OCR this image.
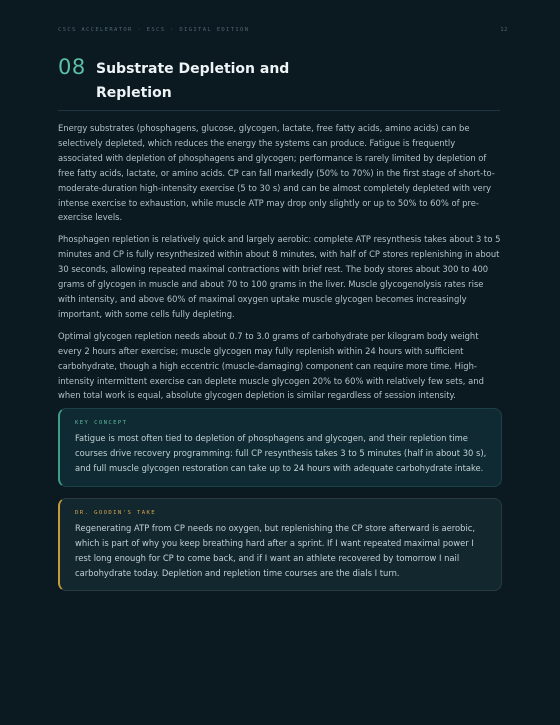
CSCS ACCELERATOR · ESCS · DIGITAL EDITION	12
08 Substrate Depletion and Repletion

Energy substrates (phosphagens, glucose, glycogen, lactate, free fatty acids, amino acids) can be selectively depleted, which reduces the energy the systems can produce. Fatigue is frequently associated with depletion of phosphagens and glycogen; performance is rarely limited by depletion of free fatty acids, lactate, or amino acids. CP can fall markedly (50% to 70%) in the first stage of short-to-moderate-duration high-intensity exercise (5 to 30 s) and can be almost completely depleted with very intense exercise to exhaustion, while muscle ATP may drop only slightly or up to 50% to 60% of pre-exercise levels.

Phosphagen repletion is relatively quick and largely aerobic: complete ATP resynthesis takes about 3 to 5 minutes and CP is fully resynthesized within about 8 minutes, with half of CP stores replenishing in about 30 seconds, allowing repeated maximal contractions with brief rest. The body stores about 300 to 400 grams of glycogen in muscle and about 70 to 100 grams in the liver. Muscle glycogenolysis rates rise with intensity, and above 60% of maximal oxygen uptake muscle glycogen becomes increasingly important, with some cells fully depleting.

Optimal glycogen repletion needs about 0.7 to 3.0 grams of carbohydrate per kilogram body weight every 2 hours after exercise; muscle glycogen may fully replenish within 24 hours with sufficient carbohydrate, though a high eccentric (muscle-damaging) component can require more time. High-intensity intermittent exercise can deplete muscle glycogen 20% to 60% with relatively few sets, and when total work is equal, absolute glycogen depletion is similar regardless of session intensity.

KEY CONCEPT
Fatigue is most often tied to depletion of phosphagens and glycogen, and their repletion time courses drive recovery programming: full CP resynthesis takes 3 to 5 minutes (half in about 30 s), and full muscle glycogen restoration can take up to 24 hours with adequate carbohydrate intake.
DR. GOODIN'S TAKE
Regenerating ATP from CP needs no oxygen, but replenishing the CP store afterward is aerobic, which is part of why you keep breathing hard after a sprint. If I want repeated maximal power I rest long enough for CP to come back, and if I want an athlete recovered by tomorrow I nail carbohydrate today. Depletion and repletion time courses are the dials I turn.
